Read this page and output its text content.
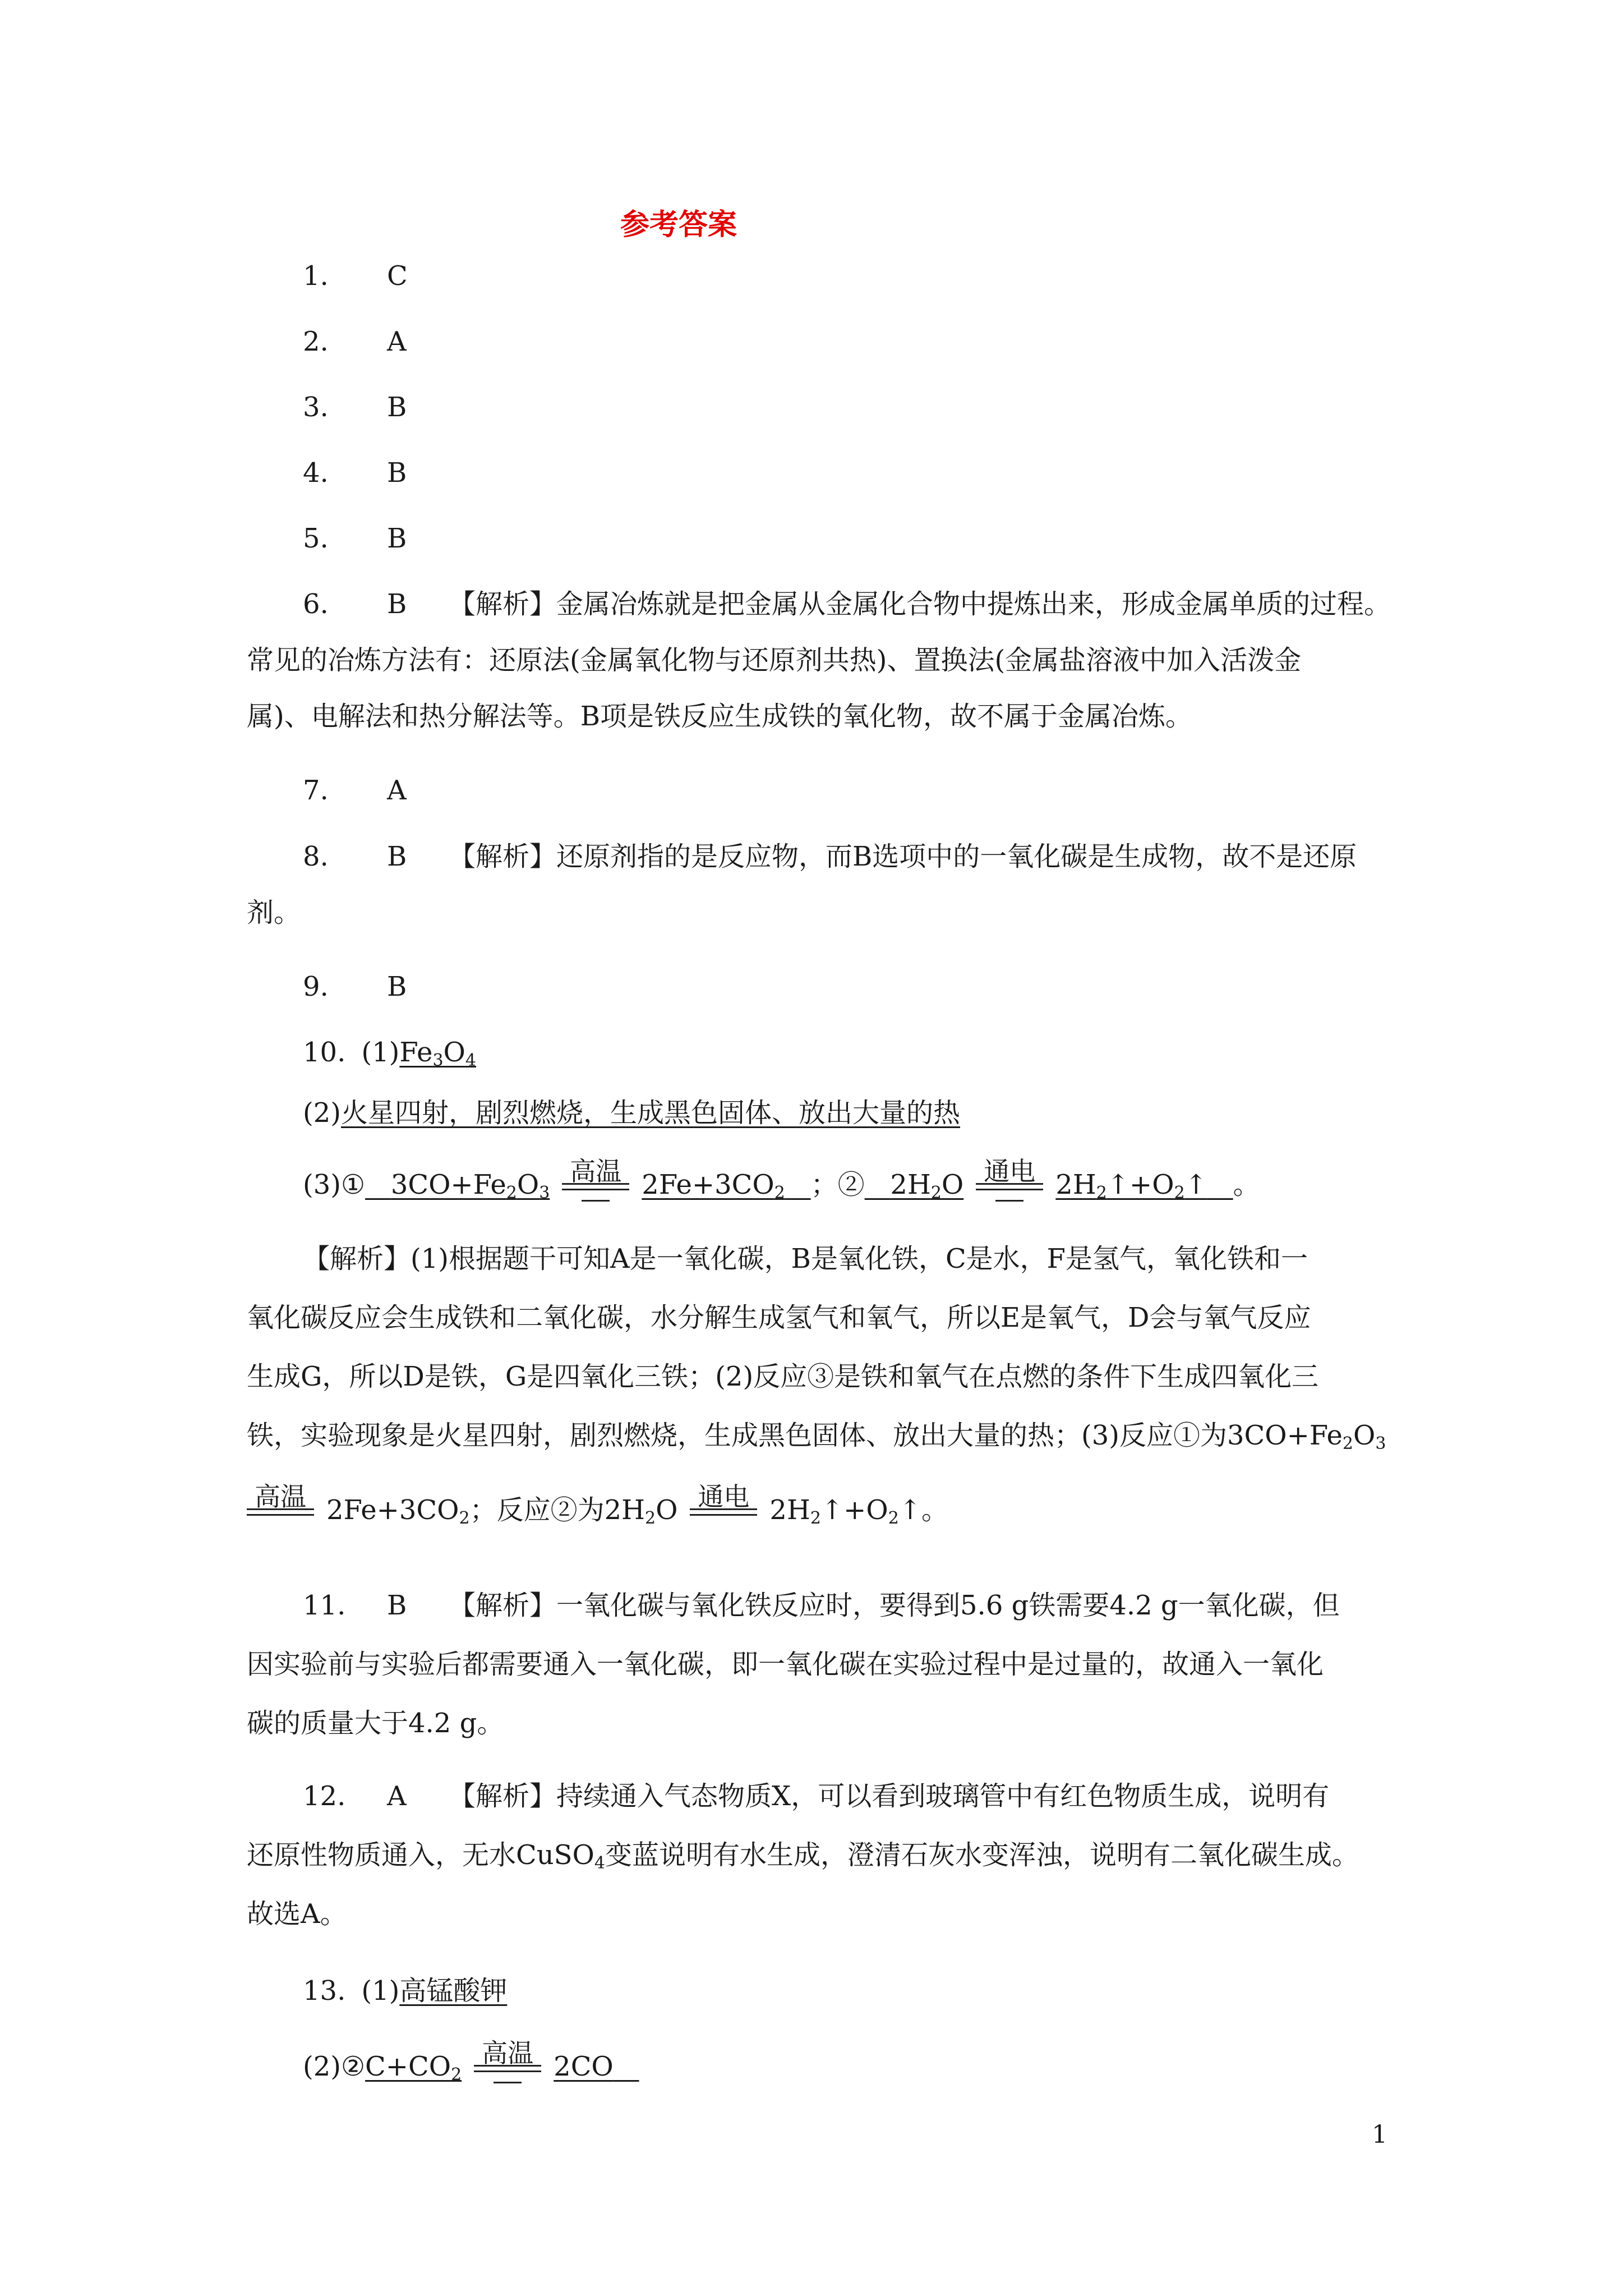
参考答案
1. C
2. A
3. B
4. B
5. B
6. B 【解析】金属冶炼就是把金属从金属化合物中提炼出来，形成金属单质的过程。
常见的冶炼方法有：还原法(金属氧化物与还原剂共热)、置换法(金属盐溶液中加入活泼金
属)、电解法和热分解法等。B项是铁反应生成铁的氧化物，故不属于金属冶炼。
7. A
8. B 【解析】还原剂指的是反应物，而B选项中的一氧化碳是生成物，故不是还原
剂。
9. B
10. $(1)Fe_3O_4$
(2)火星四射，剧烈燃烧，生成黑色固体、放出大量的热
(3)① $3CO+Fe_2O_3$
高温 $2Fe+3CO_2$ ；② $2H_2O$ 通电 $2H_2↑+O_2↑$ 。
【解析】(1)根据题干可知A是一氧化碳，B是氧化铁，C是水，F是氢气，氧化铁和一
氧化碳反应会生成铁和二氧化碳，水分解生成氢气和氧气，所以E是氧气，D会与氧气反应
生成G，所以D是铁，G是四氧化三铁；(2)反应③是铁和氧气在点燃的条件下生成四氧化三
铁，实验现象是火星四射，剧烈燃烧，生成黑色固体、放出大量的热；(3)反应①为$3CO+Fe_2O_3$
高温 $2Fe+3CO_2$；反应②为$2H_2O$ 通电 $2H_2↑+O_2↑$。
11. B 【解析】一氧化碳与氧化铁反应时，要得到5.6 g铁需要4.2 g一氧化碳，但
因实验前与实验后都需要通入一氧化碳，即一氧化碳在实验过程中是过量的，故通入一氧化
碳的质量大于4.2 g。
12. A 【解析】持续通入气态物质X，可以看到玻璃管中有红色物质生成，说明有
还原性物质通入，无水CuSO$_4$变蓝说明有水生成，澄清石灰水变浑浊，说明有二氧化碳生成。
故选A。
13. (1)高锰酸钾
$(2)②C+CO_2$
高温 2CO
1
